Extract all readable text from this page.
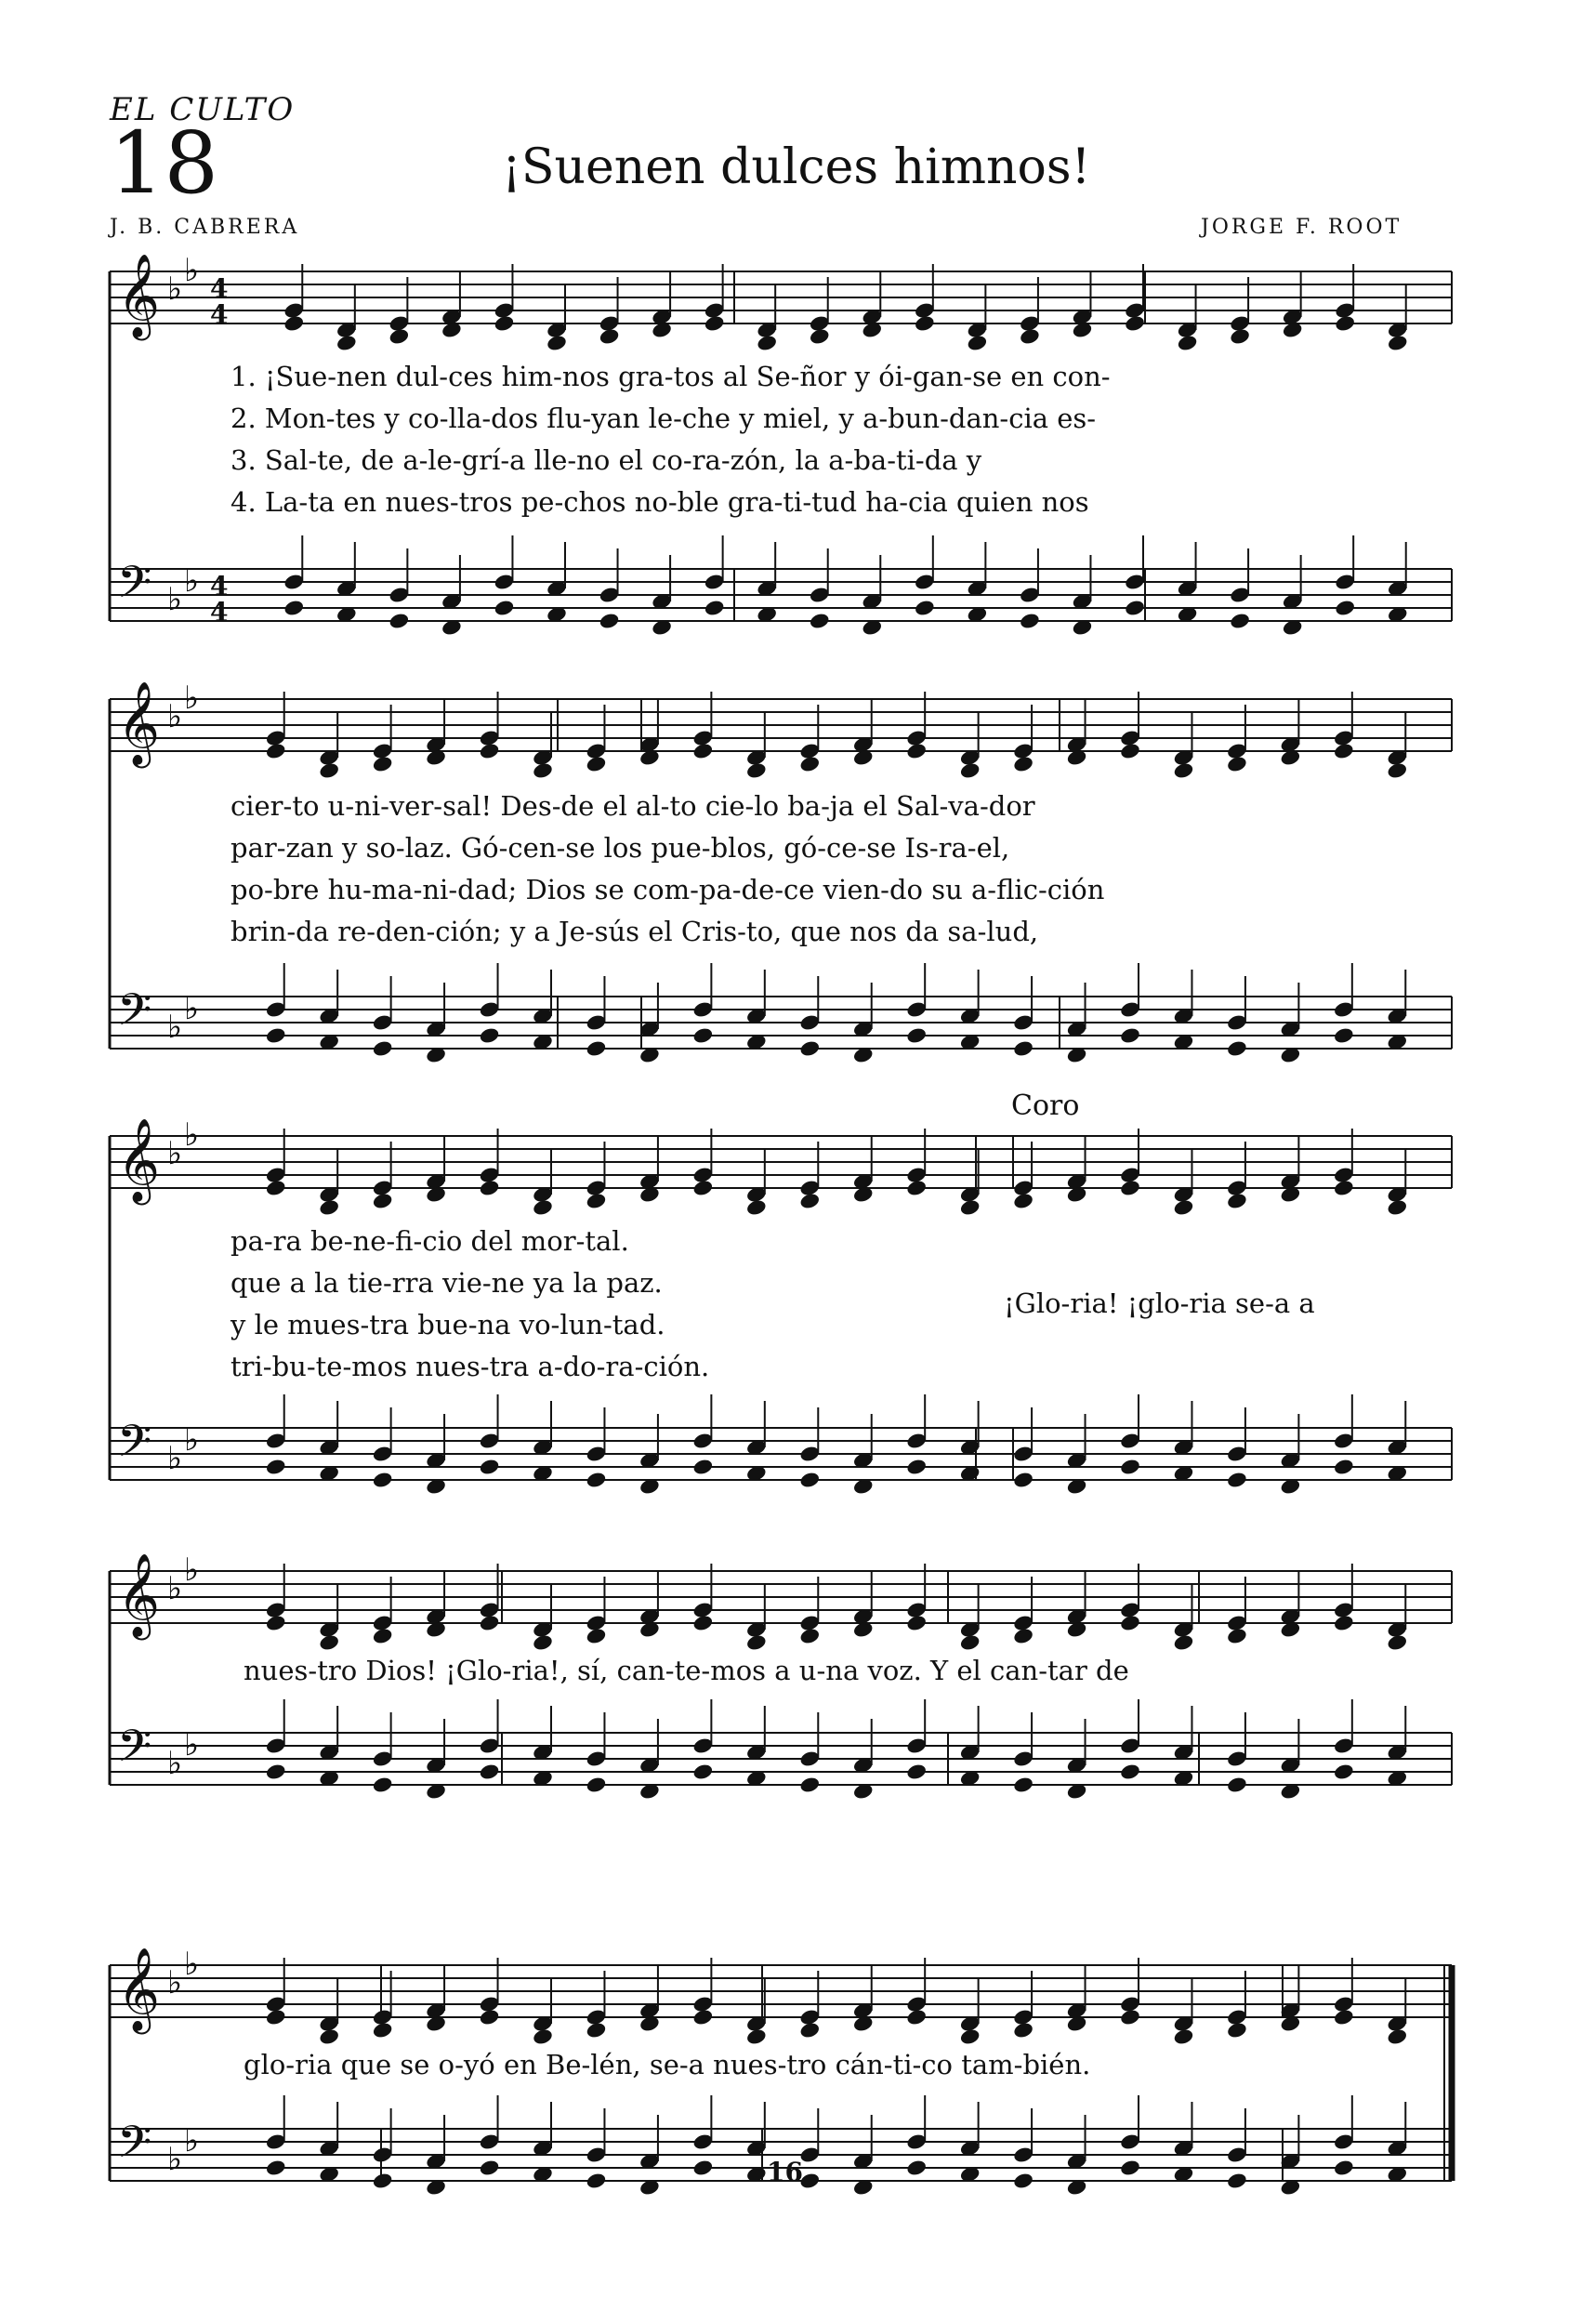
EL CULTO
18	¡Suenen dulces himnos!
J. B. CABRERA	JORGE F. ROOT
𝄞 ♭ ♭ 4
4
𝄢 ♭ ♭ 4
4
𝄞 ♭ ♭
𝄢 ♭ ♭
𝄞 ♭ ♭
𝄢 ♭ ♭
𝄞 ♭ ♭
𝄢 ♭ ♭
𝄞 ♭ ♭
𝄢 ♭ ♭
1. ¡Sue-nen dul-ces him-nos gra-tos al Se-ñor y ói-gan-se en con-
2. Mon-tes y co-lla-dos flu-yan le-che y miel, y a-bun-dan-cia es-
3. Sal-te, de a-le-grí-a lle-no el co-ra-zón, la a-ba-ti-da y
4. La-ta en nues-tros pe-chos no-ble gra-ti-tud ha-cia quien nos
cier-to u-ni-ver-sal! Des-de el al-to cie-lo ba-ja el Sal-va-dor
par-zan y so-laz. Gó-cen-se los pue-blos, gó-ce-se Is-ra-el,
po-bre hu-ma-ni-dad; Dios se com-pa-de-ce vien-do su a-flic-ción
brin-da re-den-ción; y a Je-sús el Cris-to, que nos da sa-lud,
Coro
pa-ra be-ne-fi-cio del mor-tal.
que a la tie-rra vie-ne ya la paz.
y le mues-tra bue-na vo-lun-tad.
tri-bu-te-mos nues-tra a-do-ra-ción.
¡Glo-ria! ¡glo-ria se-a a
nues-tro Dios! ¡Glo-ria!, sí, can-te-mos a u-na voz. Y el can-tar de
glo-ria que se o-yó en Be-lén, se-a nues-tro cán-ti-co tam-bién.
16
